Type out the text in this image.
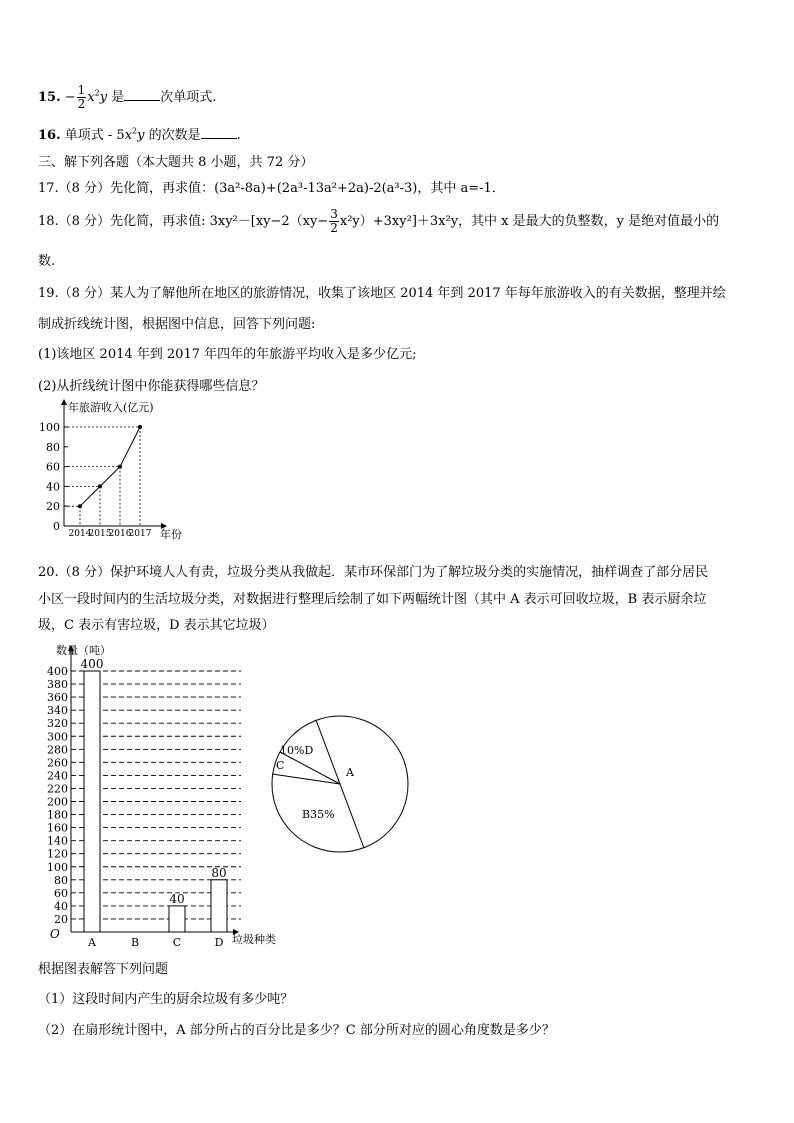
15. − $\frac{1}{2} x^2y$ 是	次单项式.
16. 单项式 - $5x^2y$ 的次数是	.
三、解下列各题（本大题共 8 小题，共 72 分）
17.（8 分）先化简，再求值：(3a²-8a)+(2a³-13a²+2a)-2(a³-3)，其中 a=-1．
18.（8 分）先化简，再求值: $3xy^2-[xy-2(xy- \frac{3}{2} x^2y)+3xy^2]+3x^2y$，其中 x 是最大的负整数，y 是绝对值最小的
数.
19.（8 分）某人为了解他所在地区的旅游情况，收集了该地区 2014 年到 2017 年每年旅游收入的有关数据，整理并绘
制成折线统计图，根据图中信息，回答下列问题:
(1)该地区 2014 年到 2017 年四年的年旅游平均收入是多少亿元;
(2)从折线统计图中你能获得哪些信息？
年旅游收入(亿元)
年份
100
80
60
40
20
0
2014
2015
2016
2017
20.（8 分）保护环境人人有责，垃圾分类从我做起．某市环保部门为了解垃圾分类的实施情况，抽样调查了部分居民
小区一段时间内的生活垃圾分类，对数据进行整理后绘制了如下两幅统计图（其中 A 表示可回收垃圾，B 表示厨余垃
圾，C 表示有害垃圾，D 表示其它垃圾）
数量（吨）
O	垃圾种类
400
380
360
340
320
300
280
260
240
220
200
180
160
140
120
100
80
60
40
20
A
400
B	C
40
D
80
10%D
C
A
B35%
根据图表解答下列问题
（1）这段时间内产生的厨余垃圾有多少吨？
（2）在扇形统计图中，A 部分所占的百分比是多少？C 部分所对应的圆心角度数是多少？
